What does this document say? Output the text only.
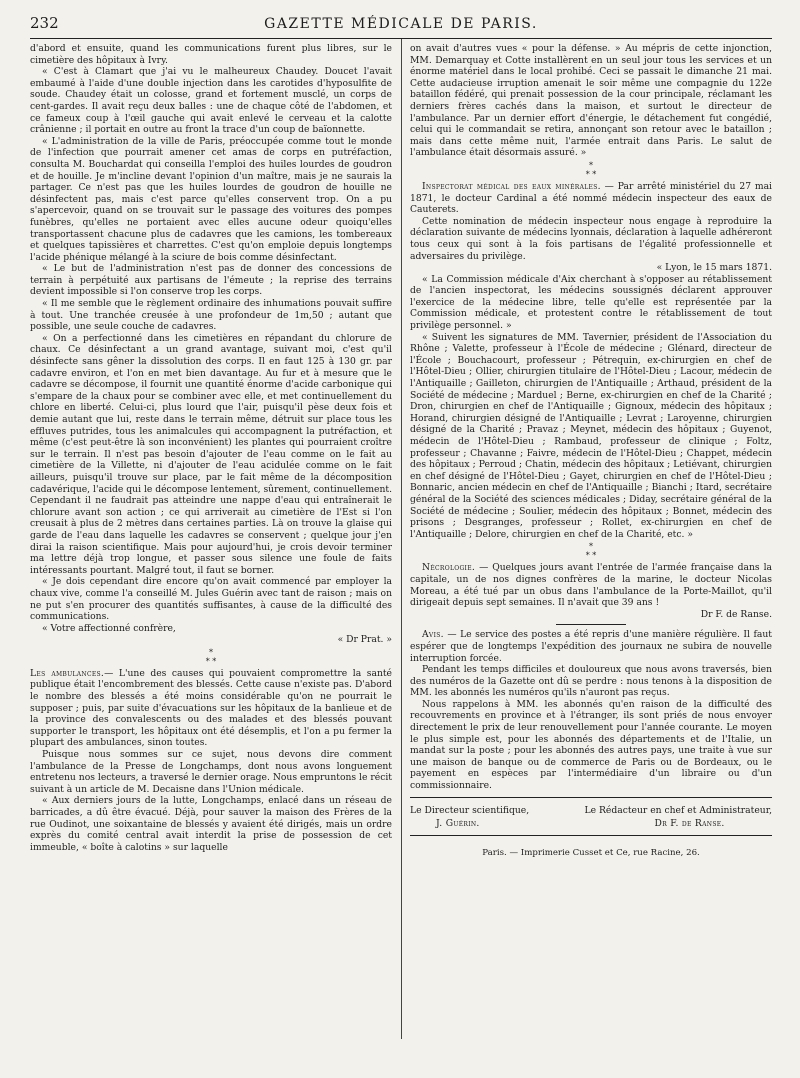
232	GAZETTE MÉDICALE DE PARIS.

d'abord et ensuite, quand les communications furent plus libres, sur le cimetière des hôpitaux à Ivry.

« C'est à Clamart que j'ai vu le malheureux Chaudey. Doucet l'avait embaumé à l'aide d'une double injection dans les carotides d'hyposulfite de soude. Chaudey était un colosse, grand et fortement musclé, un corps de cent-gardes. Il avait reçu deux balles : une de chaque côté de l'abdomen, et ce fameux coup à l'œil gauche qui avait enlevé le cerveau et la calotte crânienne ; il portait en outre au front la trace d'un coup de baïonnette.

« L'administration de la ville de Paris, préoccupée comme tout le monde de l'infection que pourrait amener cet amas de corps en putréfaction, consulta M. Bouchardat qui conseilla l'emploi des huiles lourdes de goudron et de houille. Je m'incline devant l'opinion d'un maître, mais je ne saurais la partager. Ce n'est pas que les huiles lourdes de goudron de houille ne désinfectent pas, mais c'est parce qu'elles conservent trop. On a pu s'apercevoir, quand on se trouvait sur le passage des voitures des pompes funèbres, qu'elles ne portaient avec elles aucune odeur quoiqu'elles transportassent chacune plus de cadavres que les camions, les tombereaux et quelques tapissières et charrettes. C'est qu'on emploie depuis longtemps l'acide phénique mélangé à la sciure de bois comme désinfectant.

« Le but de l'administration n'est pas de donner des concessions de terrain à perpétuité aux partisans de l'émeute ; la reprise des terrains devient impossible si l'on conserve trop les corps.

« Il me semble que le règlement ordinaire des inhumations pouvait suffire à tout. Une tranchée creusée à une profondeur de 1m,50 ; autant que possible, une seule couche de cadavres.

« On a perfectionné dans les cimetières en répandant du chlorure de chaux. Ce désinfectant a un grand avantage, suivant moi, c'est qu'il désinfecte sans gêner la dissolution des corps. Il en faut 125 à 130 gr. par cadavre environ, et l'on en met bien davantage. Au fur et à mesure que le cadavre se décompose, il fournit une quantité énorme d'acide carbonique qui s'empare de la chaux pour se combiner avec elle, et met continuellement du chlore en liberté. Celui-ci, plus lourd que l'air, puisqu'il pèse deux fois et demie autant que lui, reste dans le terrain même, détruit sur place tous les effluves putrides, tous les animalcules qui accompagnent la putréfaction, et même (c'est peut-être là son inconvénient) les plantes qui pourraient croître sur le terrain. Il n'est pas besoin d'ajouter de l'eau comme on le fait au cimetière de la Villette, ni d'ajouter de l'eau acidulée comme on le fait ailleurs, puisqu'il trouve sur place, par le fait même de la décomposition cadavérique, l'acide qui le décompose lentement, sûrement, continuellement. Cependant il ne faudrait pas atteindre une nappe d'eau qui entraînerait le chlorure avant son action ; ce qui arriverait au cimetière de l'Est si l'on creusait à plus de 2 mètres dans certaines parties. Là on trouve la glaise qui garde de l'eau dans laquelle les cadavres se conservent ; quelque jour j'en dirai la raison scientifique. Mais pour aujourd'hui, je crois devoir terminer ma lettre déjà trop longue, et passer sous silence une foule de faits intéressants pourtant. Malgré tout, il faut se borner.

« Je dois cependant dire encore qu'on avait commencé par employer la chaux vive, comme l'a conseillé M. Jules Guérin avec tant de raison ; mais on ne put s'en procurer des quantités suffisantes, à cause de la difficulté des communications.

« Votre affectionné confrère,

« Dr Prat. »

*
* *

Les ambulances.— L'une des causes qui pouvaient compromettre la santé publique était l'encombrement des blessés. Cette cause n'existe pas. D'abord le nombre des blessés a été moins considérable qu'on ne pourrait le supposer ; puis, par suite d'évacuations sur les hôpitaux de la banlieue et de la province des convalescents ou des malades et des blessés pouvant supporter le transport, les hôpitaux ont été désemplis, et l'on a pu fermer la plupart des ambulances, sinon toutes.

Puisque nous sommes sur ce sujet, nous devons dire comment l'ambulance de la Presse de Longchamps, dont nous avons longuement entretenu nos lecteurs, a traversé le dernier orage. Nous empruntons le récit suivant à un article de M. Decaisne dans l'Union médicale.

« Aux derniers jours de la lutte, Longchamps, enlacé dans un réseau de barricades, a dû être évacué. Déjà, pour sauver la maison des Frères de la rue Oudinot, une soixantaine de blessés y avaient été dirigés, mais un ordre exprès du comité central avait interdit la prise de possession de cet immeuble, « boîte à calotins » sur laquelle

on avait d'autres vues « pour la défense. » Au mépris de cette injonction, MM. Demarquay et Cotte installèrent en un seul jour tous les services et un énorme matériel dans le local prohibé. Ceci se passait le dimanche 21 mai. Cette audacieuse irruption amenait le soir même une compagnie du 122e bataillon fédéré, qui prenait possession de la cour principale, réclamant les derniers frères cachés dans la maison, et surtout le directeur de l'ambulance. Par un dernier effort d'énergie, le détachement fut congédié, celui qui le commandait se retira, annonçant son retour avec le bataillon ; mais dans cette même nuit, l'armée entrait dans Paris. Le salut de l'ambulance était désormais assuré. »

*
* *

Inspectorat médical des eaux minérales. — Par arrêté ministériel du 27 mai 1871, le docteur Cardinal a été nommé médecin inspecteur des eaux de Cauterets.

Cette nomination de médecin inspecteur nous engage à reproduire la déclaration suivante de médecins lyonnais, déclaration à laquelle adhéreront tous ceux qui sont à la fois partisans de l'égalité professionnelle et adversaires du privilège.

« Lyon, le 15 mars 1871.

« La Commission médicale d'Aix cherchant à s'opposer au rétablissement de l'ancien inspectorat, les médecins soussignés déclarent approuver l'exercice de la médecine libre, telle qu'elle est représentée par la Commission médicale, et protestent contre le rétablissement de tout privilège personnel. »

« Suivent les signatures de MM. Tavernier, président de l'Association du Rhône ; Valette, professeur à l'École de médecine ; Glénard, directeur de l'École ; Bouchacourt, professeur ; Pétrequin, ex-chirurgien en chef de l'Hôtel-Dieu ; Ollier, chirurgien titulaire de l'Hôtel-Dieu ; Lacour, médecin de l'Antiquaille ; Gailleton, chirurgien de l'Antiquaille ; Arthaud, président de la Société de médecine ; Marduel ; Berne, ex-chirurgien en chef de la Charité ; Dron, chirurgien en chef de l'Antiquaille ; Gignoux, médecin des hôpitaux ; Horand, chirurgien désigné de l'Antiquaille ; Levrat ; Laroyenne, chirurgien désigné de la Charité ; Pravaz ; Meynet, médecin des hôpitaux ; Guyenot, médecin de l'Hôtel-Dieu ; Rambaud, professeur de clinique ; Foltz, professeur ; Chavanne ; Faivre, médecin de l'Hôtel-Dieu ; Chappet, médecin des hôpitaux ; Perroud ; Chatin, médecin des hôpitaux ; Letiévant, chirurgien en chef désigné de l'Hôtel-Dieu ; Gayet, chirurgien en chef de l'Hôtel-Dieu ; Bonnaric, ancien médecin en chef de l'Antiquaille ; Bianchi ; Itard, secrétaire général de la Société des sciences médicales ; Diday, secrétaire général de la Société de médecine ; Soulier, médecin des hôpitaux ; Bonnet, médecin des prisons ; Desgranges, professeur ; Rollet, ex-chirurgien en chef de l'Antiquaille ; Delore, chirurgien en chef de la Charité, etc. »

*
* *

Nécrologie. — Quelques jours avant l'entrée de l'armée française dans la capitale, un de nos dignes confrères de la marine, le docteur Nicolas Moreau, a été tué par un obus dans l'ambulance de la Porte-Maillot, qu'il dirigeait depuis sept semaines. Il n'avait que 39 ans !

Dr F. de Ranse.

Avis. — Le service des postes a été repris d'une manière régulière. Il faut espérer que de longtemps l'expédition des journaux ne subira de nouvelle interruption forcée.

Pendant les temps difficiles et douloureux que nous avons traversés, bien des numéros de la Gazette ont dû se perdre : nous tenons à la disposition de MM. les abonnés les numéros qu'ils n'auront pas reçus.

Nous rappelons à MM. les abonnés qu'en raison de la difficulté des recouvrements en province et à l'étranger, ils sont priés de nous envoyer directement le prix de leur renouvellement pour l'année courante. Le moyen le plus simple est, pour les abonnés des départements et de l'Italie, un mandat sur la poste ; pour les abonnés des autres pays, une traite à vue sur une maison de banque ou de commerce de Paris ou de Bordeaux, ou le payement en espèces par l'intermédiaire d'un libraire ou d'un commissionnaire.

Le Directeur scientifique,
J. Guérin.
Le Rédacteur en chef et Administrateur,
Dr F. de Ranse.
Paris. — Imprimerie Cusset et Ce, rue Racine, 26.
